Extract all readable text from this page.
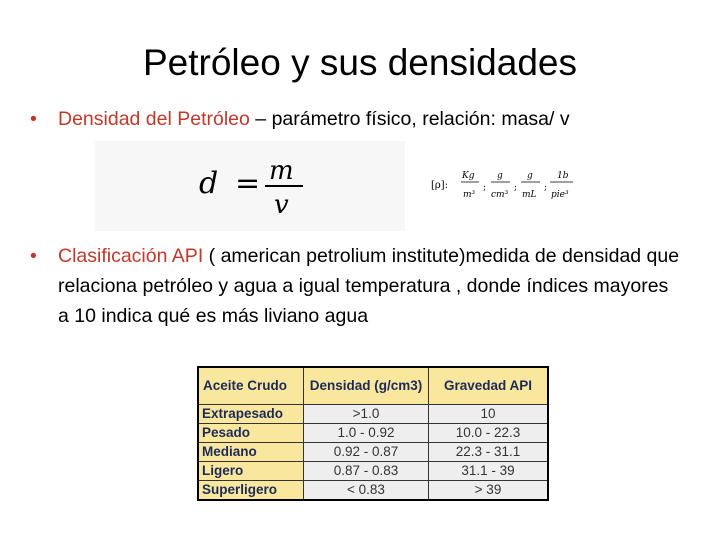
Petróleo y sus densidades
•	Densidad del Petróleo – parámetro físico, relación: masa/ v
d = m
v
[ρ]:
Kg
m³
;
g
cm³
;
g
mL
;
1b
pie³
•	Clasificación API ( american petrolium institute)medida de densidad que relaciona petróleo y agua a igual temperatura , donde índices mayores a 10 indica qué es más liviano agua
Aceite Crudo	Densidad (g/cm3)	Gravedad API
Extrapesado	>1.0	10
Pesado	1.0 - 0.92	10.0 - 22.3
Mediano	0.92 - 0.87	22.3 - 31.1
Ligero	0.87 - 0.83	31.1 - 39
Superligero	< 0.83	> 39
